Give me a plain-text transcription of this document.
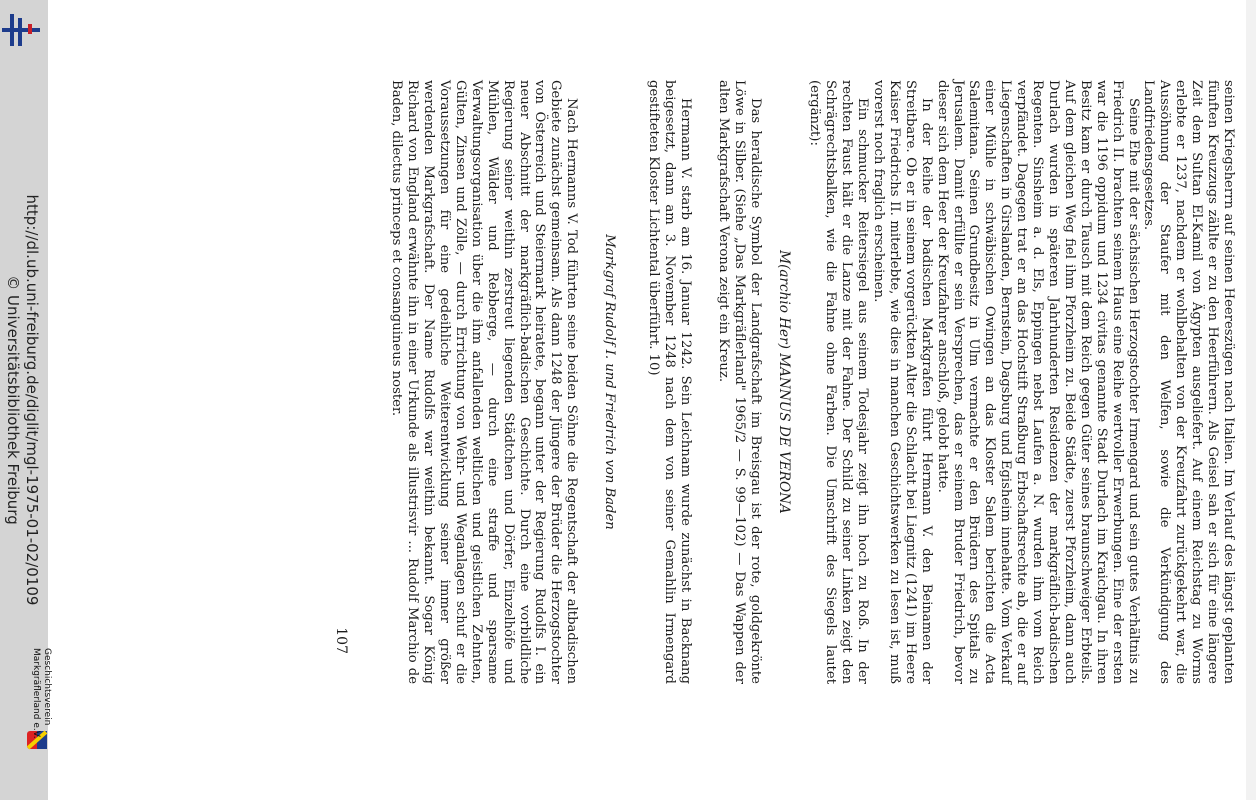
http://dl.ub.uni-freiburg.de/diglit/mgl-1975-01-02/0109
© Universitätsbibliothek Freiburg
Geschichtsverein
Markgräflerland e.V.

seinen Kriegsherrn auf seinen Heereszügen nach Italien. Im Verlauf des längst geplanten fünften Kreuzzugs zählte er zu den Heerführern. Als Geisel sah er sich für eine längere Zeit dem Sultan El-Kamil von Ägypten ausgeliefert. Auf einem Reichstag zu Worms erlebte er 1237, nachdem er wohlbehalten von der Kreuzfahrt zurückgekehrt war, die Aussöhnung der Staufer mit den Welfen, sowie die Verkündigung des Landfriedensgesetzes.

Seine Ehe mit der sächsischen Herzogstochter Irmengard und sein gutes Verhältnis zu Friedrich II. brachten seinem Haus eine Reihe wertvoller Erwerbungen. Eine der ersten war die 1196 oppidum und 1234 civitas genannte Stadt Durlach im Kraichgau. In ihren Besitz kam er durch Tausch mit dem Reich gegen Güter seines braunschweiger Erbteils. Auf dem gleichen Weg fiel ihm Pforzheim zu. Beide Städte, zuerst Pforzheim, dann auch Durlach wurden in späteren Jahrhunderten Residenzen der markgräflich-badischen Regenten. Sinsheim a. d. Els, Eppingen nebst Laufen a. N. wurden ihm vom Reich verpfändet. Dagegen trat er an das Hochstift Straßburg Erbschaftsrechte ab, die er auf Liegenschaften in Girslanden, Bernstein, Dagsburg und Egisheim innehatte. Vom Verkauf einer Mühle in schwäbischen Owingen an das Kloster Salem berichten die Acta Salemitana. Seinen Grundbesitz in Ulm vermachte er den Brüdern des Spitals zu Jerusalem. Damit erfüllte er sein Versprechen, das er seinem Bruder Friedrich, bevor dieser sich dem Heer der Kreuzfahrer anschloß, gelobt hatte.

In der Reihe der badischen Markgrafen führt Hermann V. den Beinamen der Streitbare. Ob er in seinem vorgerückten Alter die Schlacht bei Liegnitz (1241) im Heere Kaiser Friedrichs II. miterlebte, wie dies in manchen Geschichtswerken zu lesen ist, muß vorerst noch fraglich erscheinen.

Ein schmucker Reitersiegel aus seinem Todesjahr zeigt ihn hoch zu Roß. In der rechten Faust hält er die Lanze mit der Fahne. Der Schild zu seiner Linken zeigt den Schrägrechtsbalken, wie die Fahne ohne Farben. Die Umschrift des Siegels lautet (ergänzt):

M(archio Her) MANNUS DE VERONA

Das heraldische Symbol der Landgrafschaft im Breisgau ist der rote, goldgekrönte Löwe in Silber. (Siehe „Das Markgräflerland" 1965/2 — S. 99—102) — Das Wappen der alten Markgrafschaft Verona zeigt ein Kreuz.

Hermann V. starb am 16. Januar 1242. Sein Leichnam wurde zunächst in Backnang beigesetzt, dann am 3. November 1248 nach dem von seiner Gemahlin Irmengard gestifteten Kloster Lichtental überführt. 10)

Markgraf Rudolf I. und Friedrich von Baden

Nach Hermanns V. Tod führten seine beiden Söhne die Regentschaft der altbadischen Gebiete zunächst gemeinsam. Als dann 1248 der Jüngere der Brüder die Herzogstochter von Österreich und Steiermark heiratete, begann unter der Regierung Rudolfs I. ein neuer Abschnitt der markgräflich-badischen Geschichte. Durch eine vorbildliche Regierung seiner weithin zerstreut liegenden Städtchen und Dörfer, Einzelhöfe und Mühlen, Wälder und Rebberge, — durch eine straffe und sparsame Verwaltungsorganisation über die ihm anfallenden weltlichen und geistlichen Zehnten, Gülten, Zinsen und Zölle, — durch Errichtung von Wehr- und Weganlagen schuf er die Voraussetzungen für eine gedeihliche Weiterentwicklung seiner immer größer werdenden Markgrafschaft. Der Name Rudolfs war weithin bekannt. Sogar König Richard von England erwähnte ihn in einer Urkunde als illustrisvir ... Rudolf Marchio de Baden, dilectus princeps et consanguineus noster.

107
